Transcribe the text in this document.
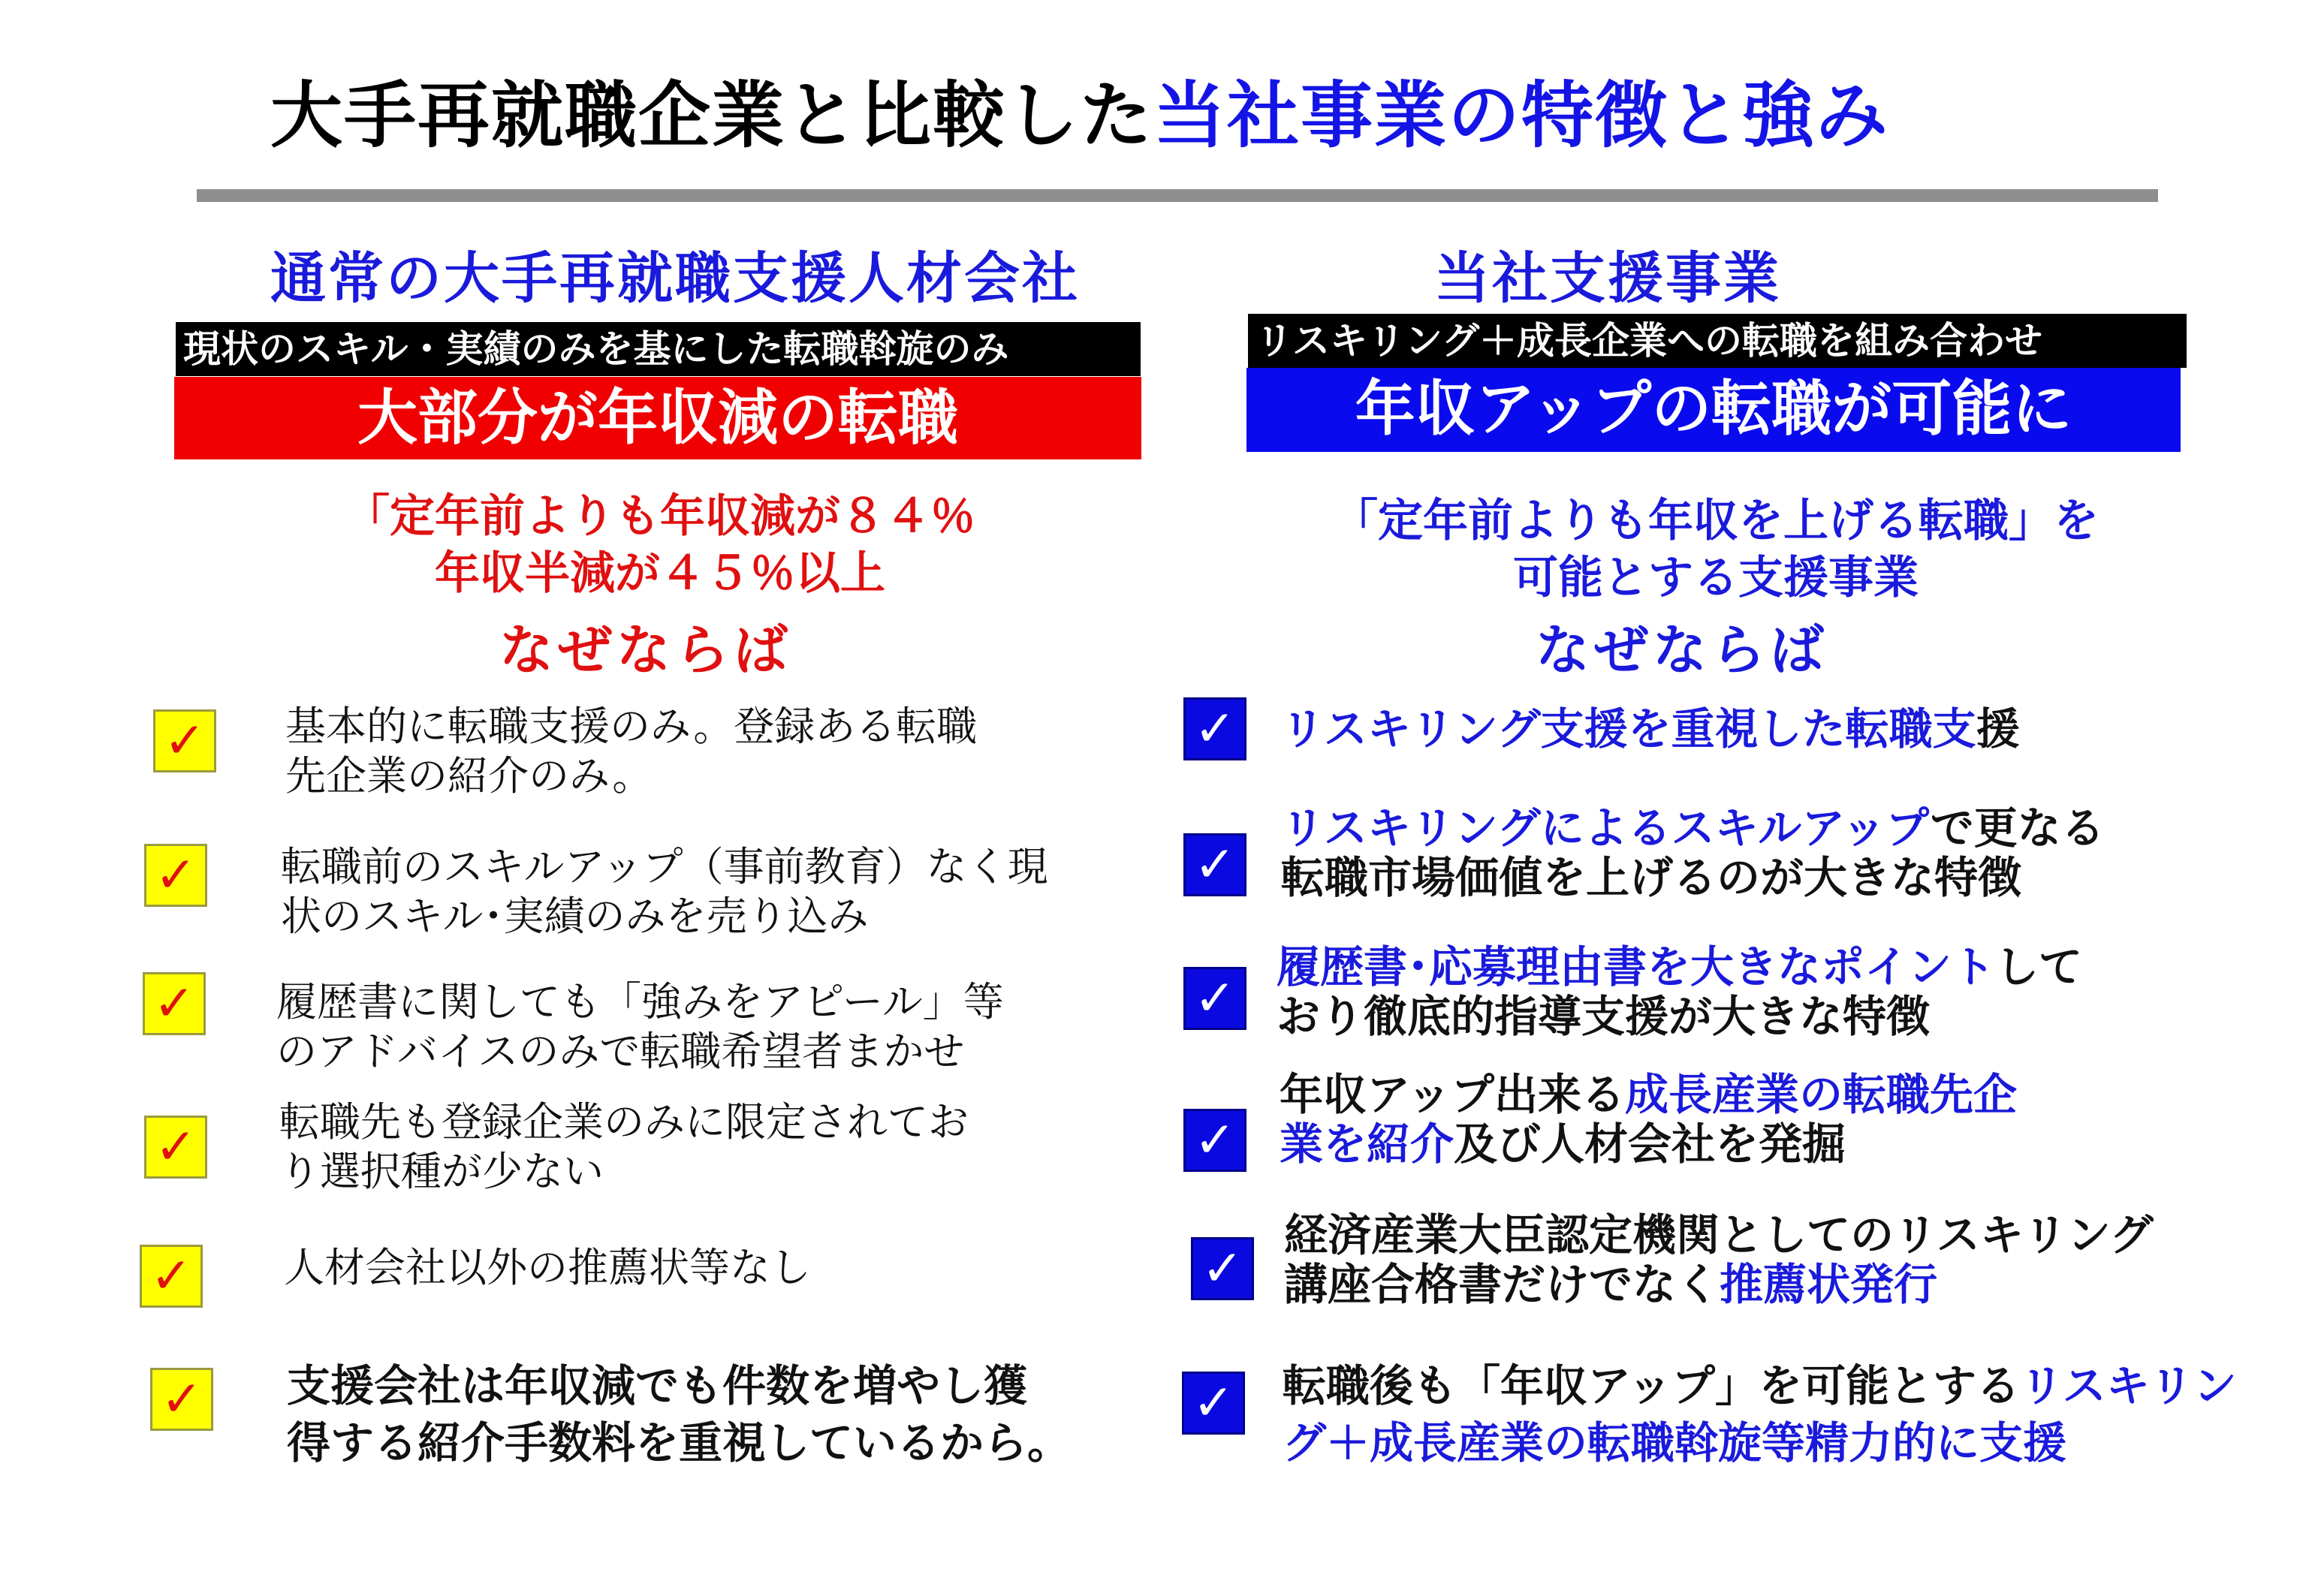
大手再就職企業と比較した当社事業の特徴と強み
通常の大手再就職支援人材会社
現状のスキル・実績のみを基にした転職斡旋のみ
大部分が年収減の転職
「定年前よりも年収減が８４％
年収半減が４５％以上
なぜならば
✓ 基本的に転職支援のみ。登録ある転職
先企業の紹介のみ。
✓ 転職前のスキルアップ（事前教育）なく現
状のスキル･実績のみを売り込み
✓ 履歴書に関しても「強みをアピール」等
のアドバイスのみで転職希望者まかせ
✓ 転職先も登録企業のみに限定されてお
り選択種が少ない
✓ 人材会社以外の推薦状等なし
✓ 支援会社は年収減でも件数を増やし獲
得する紹介手数料を重視しているから。
当社支援事業
リスキリング＋成長企業への転職を組み合わせ
年収アップの転職が可能に
「定年前よりも年収を上げる転職」を
可能とする支援事業
なぜならば
✓ リスキリング支援を重視した転職支援
✓
リスキリングによるスキルアップで更なる
転職市場価値を上げるのが大きな特徴
✓
履歴書･応募理由書を大きなポイントして
おり徹底的指導支援が大きな特徴
✓
年収アップ出来る成長産業の転職先企
業を紹介及び人材会社を発掘
✓
経済産業大臣認定機関としてのリスキリング
講座合格書だけでなく推薦状発行
✓ 転職後も「年収アップ」を可能とするリスキリン
グ＋成長産業の転職斡旋等精力的に支援
